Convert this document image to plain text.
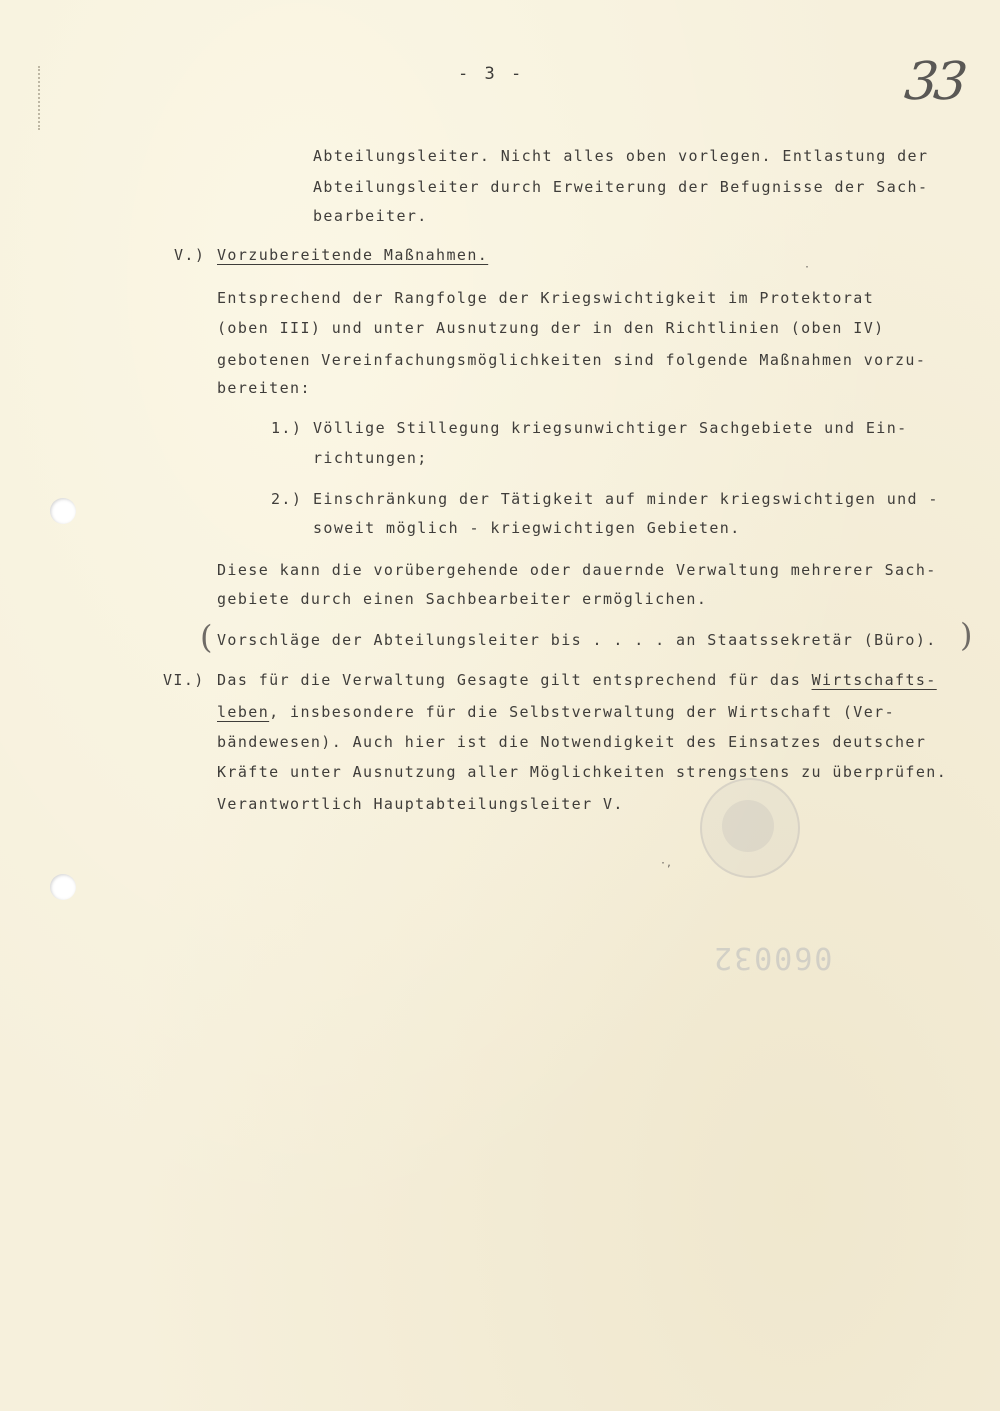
- 3 -	33
Abteilungsleiter. Nicht alles oben vorlegen. Entlastung der
Abteilungsleiter durch Erweiterung der Befugnisse der Sach-
bearbeiter.
V.) Vorzubereitende Maßnahmen.
Entsprechend der Rangfolge der Kriegswichtigkeit im Protektorat
(oben III) und unter Ausnutzung der in den Richtlinien (oben IV)
gebotenen Vereinfachungsmöglichkeiten sind folgende Maßnahmen vorzu-
bereiten:
1.) Völlige Stillegung kriegsunwichtiger Sachgebiete und Ein-
richtungen;
2.) Einschränkung der Tätigkeit auf minder kriegswichtigen und -
soweit möglich - kriegwichtigen Gebieten.
Diese kann die vorübergehende oder dauernde Verwaltung mehrerer Sach-
gebiete durch einen Sachbearbeiter ermöglichen.
( Vorschläge der Abteilungsleiter bis . . . . an Staatssekretär (Büro). )
VI.) Das für die Verwaltung Gesagte gilt entsprechend für das Wirtschafts-
leben, insbesondere für die Selbstverwaltung der Wirtschaft (Ver-
bändewesen). Auch hier ist die Notwendigkeit des Einsatzes deutscher
Kräfte unter Ausnutzung aller Möglichkeiten strengstens zu überprüfen.
Verantwortlich Hauptabteilungsleiter V.
060032
·,
·
